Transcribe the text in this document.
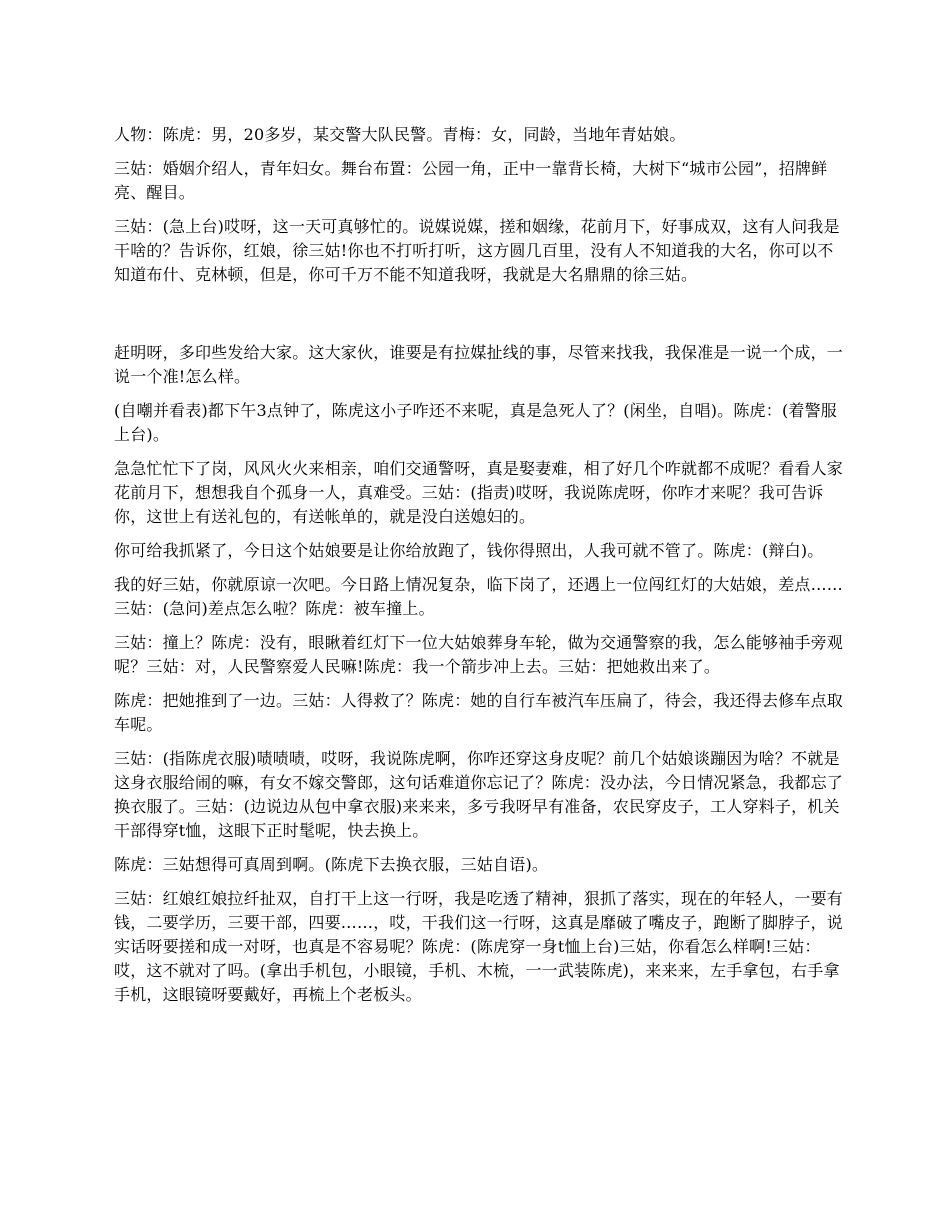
人物：陈虎：男，20多岁，某交警大队民警。青梅：女，同龄，当地年青姑娘。

三姑：婚姻介绍人，青年妇女。舞台布置：公园一角，正中一靠背长椅，大树下“城市公园”，招牌鲜亮、醒目。

三姑：(急上台)哎呀，这一天可真够忙的。说媒说媒，搓和姻缘，花前月下，好事成双，这有人问我是干啥的？告诉你，红娘，徐三姑!你也不打听打听，这方圆几百里，没有人不知道我的大名，你可以不知道布什、克林顿，但是，你可千万不能不知道我呀，我就是大名鼎鼎的徐三姑。

赶明呀，多印些发给大家。这大家伙，谁要是有拉媒扯线的事，尽管来找我，我保准是一说一个成，一说一个准!怎么样。

(自嘲并看表)都下午3点钟了，陈虎这小子咋还不来呢，真是急死人了？(闲坐，自唱)。陈虎：(着警服上台)。

急急忙忙下了岗，风风火火来相亲，咱们交通警呀，真是娶妻难，相了好几个咋就都不成呢？看看人家花前月下，想想我自个孤身一人，真难受。三姑：(指责)哎呀，我说陈虎呀，你咋才来呢？我可告诉你，这世上有送礼包的，有送帐单的，就是没白送媳妇的。

你可给我抓紧了，今日这个姑娘要是让你给放跑了，钱你得照出，人我可就不管了。陈虎：(辩白)。

我的好三姑，你就原谅一次吧。今日路上情况复杂，临下岗了，还遇上一位闯红灯的大姑娘，差点……三姑：(急问)差点怎么啦？陈虎：被车撞上。

三姑：撞上？陈虎：没有，眼瞅着红灯下一位大姑娘葬身车轮，做为交通警察的我，怎么能够袖手旁观呢？三姑：对，人民警察爱人民嘛!陈虎：我一个箭步冲上去。三姑：把她救出来了。

陈虎：把她推到了一边。三姑：人得救了？陈虎：她的自行车被汽车压扁了，待会，我还得去修车点取车呢。

三姑：(指陈虎衣服)啧啧啧，哎呀，我说陈虎啊，你咋还穿这身皮呢？前几个姑娘谈蹦因为啥？不就是这身衣服给闹的嘛，有女不嫁交警郎，这句话难道你忘记了？陈虎：没办法，今日情况紧急，我都忘了换衣服了。三姑：(边说边从包中拿衣服)来来来，多亏我呀早有准备，农民穿皮子，工人穿料子，机关干部得穿t恤，这眼下正时髦呢，快去换上。

陈虎：三姑想得可真周到啊。(陈虎下去换衣服，三姑自语)。

三姑：红娘红娘拉纤扯双，自打干上这一行呀，我是吃透了精神，狠抓了落实，现在的年轻人，一要有钱，二要学历，三要干部，四要……，哎，干我们这一行呀，这真是靡破了嘴皮子，跑断了脚脖子，说实话呀要搓和成一对呀，也真是不容易呢？陈虎：(陈虎穿一身t恤上台)三姑，你看怎么样啊!三姑：哎，这不就对了吗。(拿出手机包，小眼镜，手机、木梳，一一武装陈虎)，来来来，左手拿包，右手拿手机，这眼镜呀要戴好，再梳上个老板头。
